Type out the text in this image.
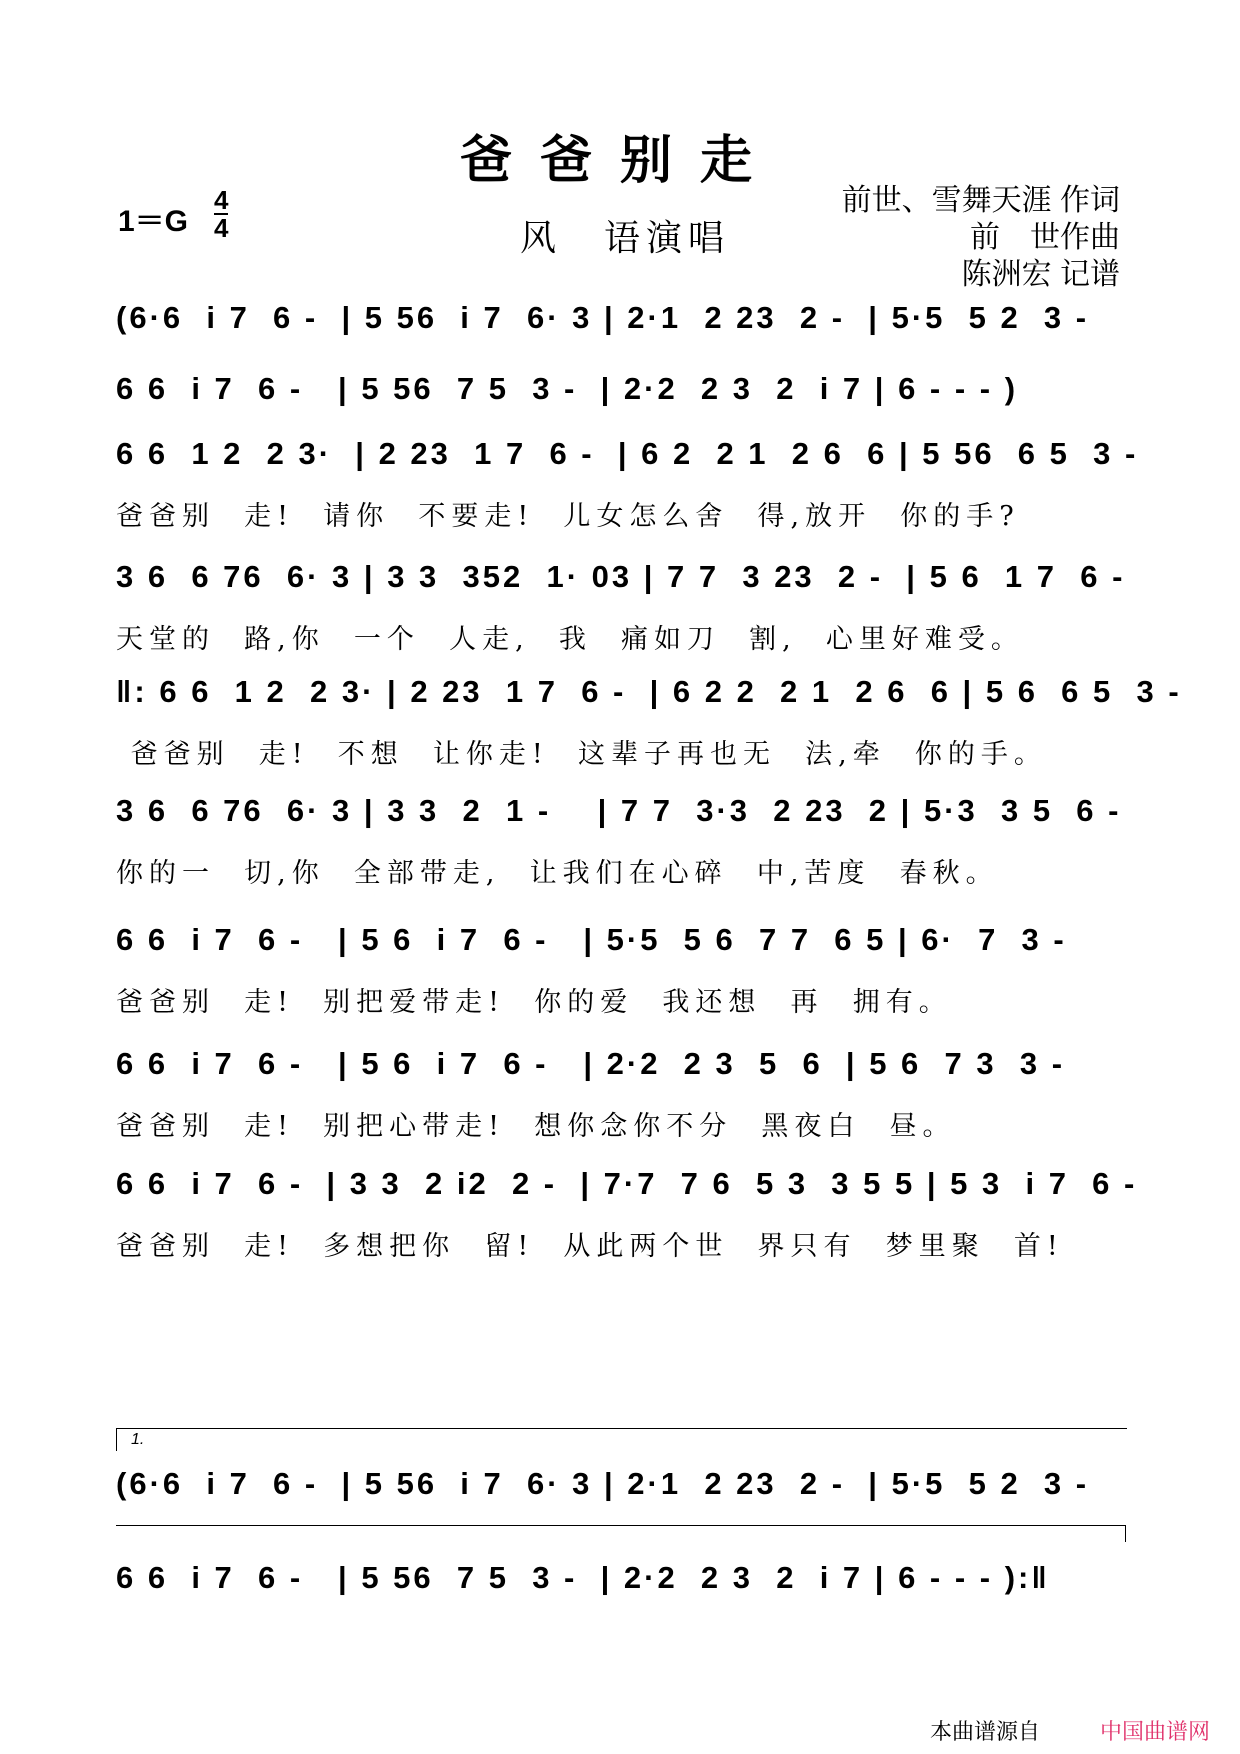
爸爸别走
1＝G
4
4	风　语演唱
前世、雪舞天涯 作词
前　世作曲
陈洲宏 记谱
(6·6  i 7  6 -  | 5 56  i 7  6· 3 | 2·1  2 23  2 -  | 5·5  5 2  3 -
6 6  i 7  6 -   | 5 56  7 5  3 -  | 2·2  2 3  2  i 7 | 6 - - - )
6 6  1 2  2 3·  | 2 23  1 7  6 -  | 6 2  2 1  2 6  6 | 5 56  6 5  3 -
爸爸别  走!  请你  不要走!  儿女怎么舍  得,放开  你的手?
3 6  6 76  6· 3 | 3 3  352  1· 03 | 7 7  3 23  2 -  | 5 6  1 7  6 -
天堂的  路,你  一个  人走,  我  痛如刀  割,  心里好难受。
‖: 6 6  1 2  2 3· | 2 23  1 7  6 -  | 6 2 2  2 1  2 6  6 | 5 6  6 5  3 -
爸爸别  走!  不想  让你走!  这辈子再也无  法,牵  你的手。
3 6  6 76  6· 3 | 3 3  2  1 -    | 7 7  3·3  2 23  2 | 5·3  3 5  6 -
你的一  切,你  全部带走,  让我们在心碎  中,苦度  春秋。
6 6  i 7  6 -   | 5 6  i 7  6 -   | 5·5  5 6  7 7  6 5 | 6·  7  3 -
爸爸别  走!  别把爱带走!  你的爱  我还想  再  拥有。
6 6  i 7  6 -   | 5 6  i 7  6 -   | 2·2  2 3  5  6  | 5 6  7 3  3 -
爸爸别  走!  别把心带走!  想你念你不分  黑夜白  昼。
6 6  i 7  6 -  | 3 3  2 i2  2 -  | 7·7  7 6  5 3  3 5 5 | 5 3  i 7  6 -
爸爸别  走!  多想把你  留!  从此两个世  界只有  梦里聚  首!
1.
(6·6  i 7  6 -  | 5 56  i 7  6· 3 | 2·1  2 23  2 -  | 5·5  5 2  3 -
6 6  i 7  6 -   | 5 56  7 5  3 -  | 2·2  2 3  2  i 7 | 6 - - - ):‖
本曲谱源自	中国曲谱网
